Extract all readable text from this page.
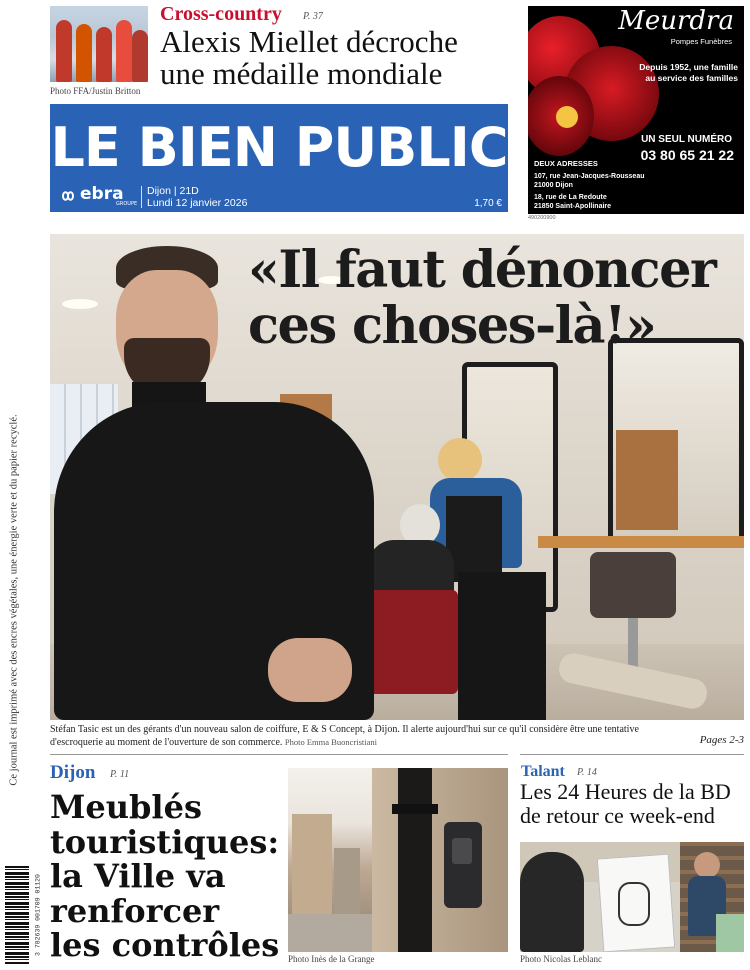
Ce journal est imprimé avec des encres végétales, une énergie verte et du papier recyclé.
3 782639 001709 01120
Photo FFA/Justin Britton
Cross-country P. 37
Alexis Miellet décroche
une médaille mondiale
LE BIEN PUBLIC
ebra
GROUPE
Dijon | 21D
Lundi 12 janvier 2026	1,70 €
Meurdra
Pompes Funèbres
Depuis 1952, une famille
au service des familles
UN SEUL NUMÉRO
03 80 65 21 22
DEUX ADRESSES
107, rue Jean-Jacques-Rousseau
21000 Dijon
18, rue de La Redoute
21850 Saint-Apollinaire
490200900
«Il faut dénoncer
ces choses-là!»
Stéfan Tasic est un des gérants d'un nouveau salon de coiffure, E & S Concept, à Dijon. Il alerte aujourd'hui sur ce qu'il considère être une tentative
d'escroquerie au moment de l'ouverture de son commerce. Photo Emma Buoncristiani	Pages 2-3
Dijon P. 11
Meublés
touristiques:
la Ville va
renforcer
les contrôles Photo Inès de la Grange
Talant P. 14
Les 24 Heures de la BD
de retour ce week-end
Photo Nicolas Leblanc
